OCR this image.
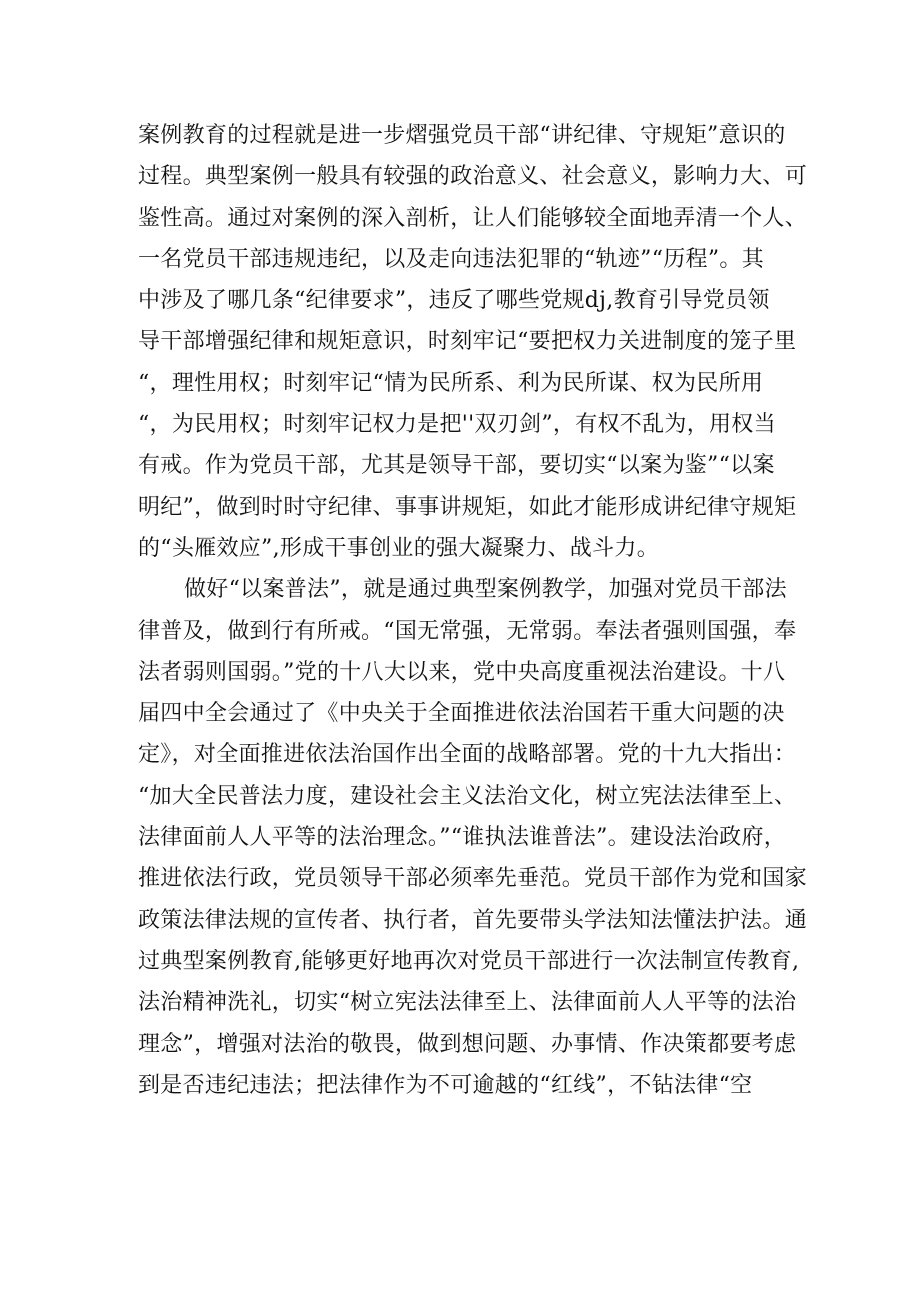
案例教育的过程就是进一步熠强党员干部“讲纪律、守规矩”意识的
过程。典型案例一般具有较强的政治意义、社会意义，影响力大、可
鉴性高。通过对案例的深入剖析，让人们能够较全面地弄清一个人、
一名党员干部违规违纪，以及走向违法犯罪的“轨迹”“历程”。其
中涉及了哪几条“纪律要求”，违反了哪些党规dj,教育引导党员领
导干部增强纪律和规矩意识，时刻牢记“要把权力关进制度的笼子里
“，理性用权；时刻牢记“情为民所系、利为民所谋、权为民所用
“，为民用权；时刻牢记权力是把''双刃剑”，有权不乱为，用权当
有戒。作为党员干部，尤其是领导干部，要切实“以案为鉴”“以案
明纪”，做到时时守纪律、事事讲规矩，如此才能形成讲纪律守规矩
的“头雁效应”,形成干事创业的强大凝聚力、战斗力。
做好“以案普法”，就是通过典型案例教学，加强对党员干部法
律普及，做到行有所戒。“国无常强，无常弱。奉法者强则国强，奉
法者弱则国弱。”党的十八大以来，党中央高度重视法治建设。十八
届四中全会通过了《中央关于全面推进依法治国若干重大问题的决
定》，对全面推进依法治国作出全面的战略部署。党的十九大指出：
“加大全民普法力度，建设社会主义法治文化，树立宪法法律至上、
法律面前人人平等的法治理念。”“谁执法谁普法”。建设法治政府，
推进依法行政，党员领导干部必须率先垂范。党员干部作为党和国家
政策法律法规的宣传者、执行者，首先要带头学法知法懂法护法。通
过典型案例教育,能够更好地再次对党员干部进行一次法制宣传教育,
法治精神洗礼，切实“树立宪法法律至上、法律面前人人平等的法治
理念”，增强对法治的敬畏，做到想问题、办事情、作决策都要考虑
到是否违纪违法；把法律作为不可逾越的“红线”，不钻法律“空
